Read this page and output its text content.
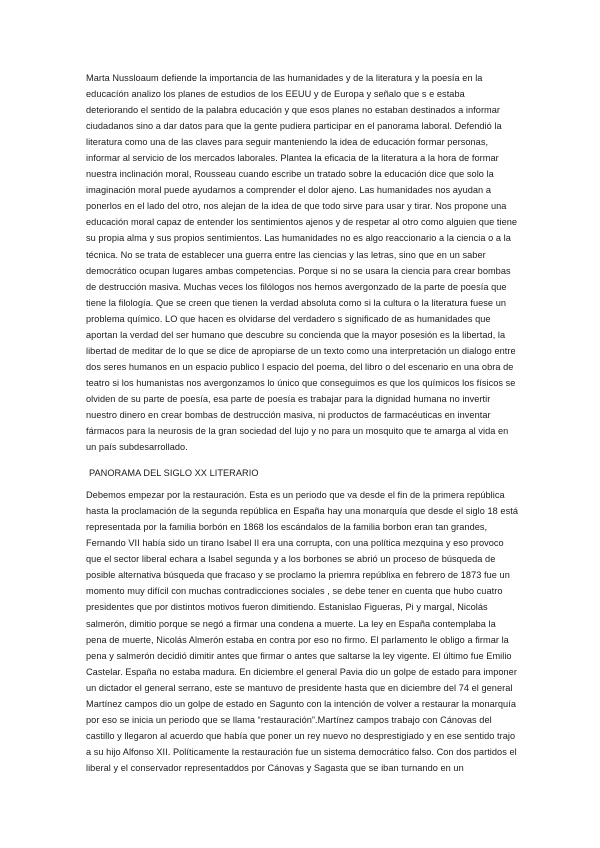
Marta Nussloaum defiende la importancia de las humanidades y de la literatura y la poesía en la educacíón analizo los planes de estudios de los EEUU y de Europa y señalo que s e estaba deteriorando el sentido de la palabra educación y que esos planes no estaban destinados a informar ciudadanos sino a dar datos para que la gente pudiera participar en el panorama laboral. Defendió la literatura como una de las claves para seguir manteniendo la idea de educación formar personas, informar al servicio de los mercados laborales. Plantea la eficacia de la literatura a la hora de formar nuestra inclinación moral, Rousseau cuando escribe un tratado sobre la educación dice que solo la imaginación moral puede ayudarnos a comprender el dolor ajeno. Las humanidades nos ayudan a ponerlos en el lado del otro, nos alejan de la idea de que todo sirve para usar y tirar. Nos propone una educación moral capaz de entender los sentimientos ajenos y de respetar al otro como alguien que tiene su propia alma y sus propios sentimientos. Las humanidades no es algo reaccionario a la ciencia o a la técnica. No se trata de establecer una guerra entre las ciencias y las letras, sino que en un saber democrático ocupan lugares ambas competencias. Porque si no se usara la ciencia para crear bombas de destrucción masiva. Muchas veces los filólogos nos hemos avergonzado de la parte de poesía que tiene la filología. Que se creen que tienen la verdad absoluta como si la cultura o la literatura fuese un problema químico. LO que hacen es olvidarse del verdadero s significado de as humanidades que aportan la verdad del ser humano que descubre su concienda que la mayor posesión es la libertad, la libertad de meditar de lo que se dice de apropiarse de un texto como una interpretación un dialogo entre dos seres humanos en un espacio publico l espacio del poema, del libro o del escenario en una obra de teatro si los humanistas nos avergonzamos lo único que conseguimos es que los químicos los físicos se olviden de su parte de poesía, esa parte de poesía es trabajar para la dignidad humana no invertir nuestro dinero en crear bombas de destrucción masiva, ni productos de farmacéuticas en inventar fármacos para la neurosis de la gran sociedad del lujo y no para un mosquito que te amarga al vida en un país subdesarrollado.

PANORAMA DEL SIGLO XX LITERARIO

Debemos empezar por la restauración. Esta es un periodo que va desde el fin de la primera república hasta la proclamación de la segunda república en España hay una monarquía que desde el siglo 18 está representada por la familia borbón en 1868 los escándalos de la familia borbon eran tan grandes, Fernando VII había sido un tirano Isabel II era una corrupta, con una política mezquina y eso provoco que el sector liberal echara a Isabel segunda y a los borbones se abrió un proceso de búsqueda de posible alternativa búsqueda que fracaso y se proclamo la priemra repúblixa en febrero de 1873 fue un momento muy difícil con muchas contradicciones sociales , se debe tener en cuenta que hubo cuatro presidentes que por distintos motivos fueron dimitiendo. Estanislao Figueras, Pi y margal, Nicolás salmerón, dimitio porque se negó a firmar una condena a muerte. La ley en España contemplaba la pena de muerte, Nicolás Almerón estaba en contra por eso no firmo. El parlamento le obligo a firmar la pena y salmerón decidió dimitir antes que firmar o antes que saltarse la ley vigente. El último fue Emilio Castelar. España no estaba madura. En diciembre el general Pavia dio un golpe de estado para imponer un dictador el general serrano, este se mantuvo de presidente hasta que en diciembre del 74 el general Martínez campos dio un golpe de estado en Sagunto con la intención de volver a restaurar la monarquía por eso se inicia un periodo que se llama “restauración”.Martínez campos trabajo con Cánovas del castillo y llegaron al acuerdo que había que poner un rey nuevo no desprestigiado y en ese sentido trajo a su hijo Alfonso XII. Políticamente la restauración fue un sistema democrático falso. Con dos partidos el liberal y el conservador representaddos por Cánovas y Sagasta que se iban turnando en un
